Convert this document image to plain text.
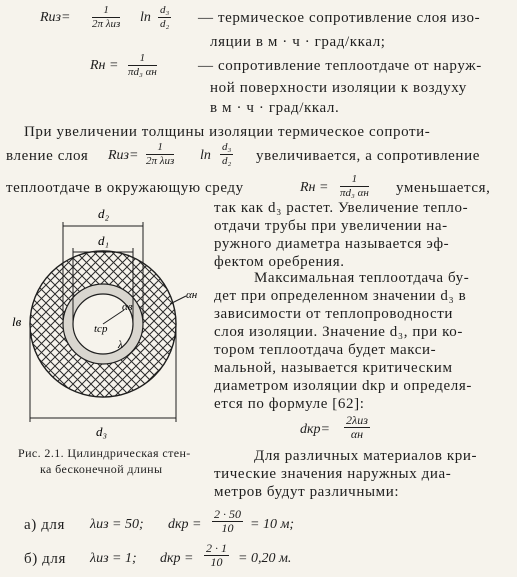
Rиз=	1
2π λиз $\ln \frac{\text{d₃}}{\text{d₂}}$ — термическое сопротивление слоя изо-
ляции в м · ч · град/ккал;
Rн =	1
πd₃ αн	— сопротивление теплоотдаче от наруж-
ной поверхности изоляции к воздуху
в м · ч · град/ккал.
При увеличении толщины изоляции термическое сопроти-
вление слоя Rиз=
1
2π λиз $\ln \frac{\text{d₃}}{\text{d₂}}$ увеличивается, а сопротивление
теплоотдаче в окружающую среду	Rн =
1
πd₃ αн уменьшается,
так как d₃ растет. Увеличение тепло-
отдачи трубы при увеличении на-
ружного диаметра называется эф-
фектом оребрения.
Максимальная теплоотдача бу-
дет при определенном значении d₃ в
зависимости от теплопроводности
слоя изоляции. Значение d₃, при ко-
тором теплоотдача будет макси-
мальной, называется критическим
диаметром изоляции dкр и определя-
ется по формуле [62]:
dкр=
2λиз
αн
d₂
d₁
d₃
lв
αв
αн
tср
λ
Рис. 2.1. Цилиндрическая стен-
ка бесконечной длины
Для различных материалов кри-
тические значения наружных диа-
метров будут различными:
а) для λиз = 50; dкр = $\frac{2 \cdot 50}{10} = 10$ м;
б) для λиз = 1; dкр = $\frac{2 \cdot 1}{10} = 0,20$ м.
